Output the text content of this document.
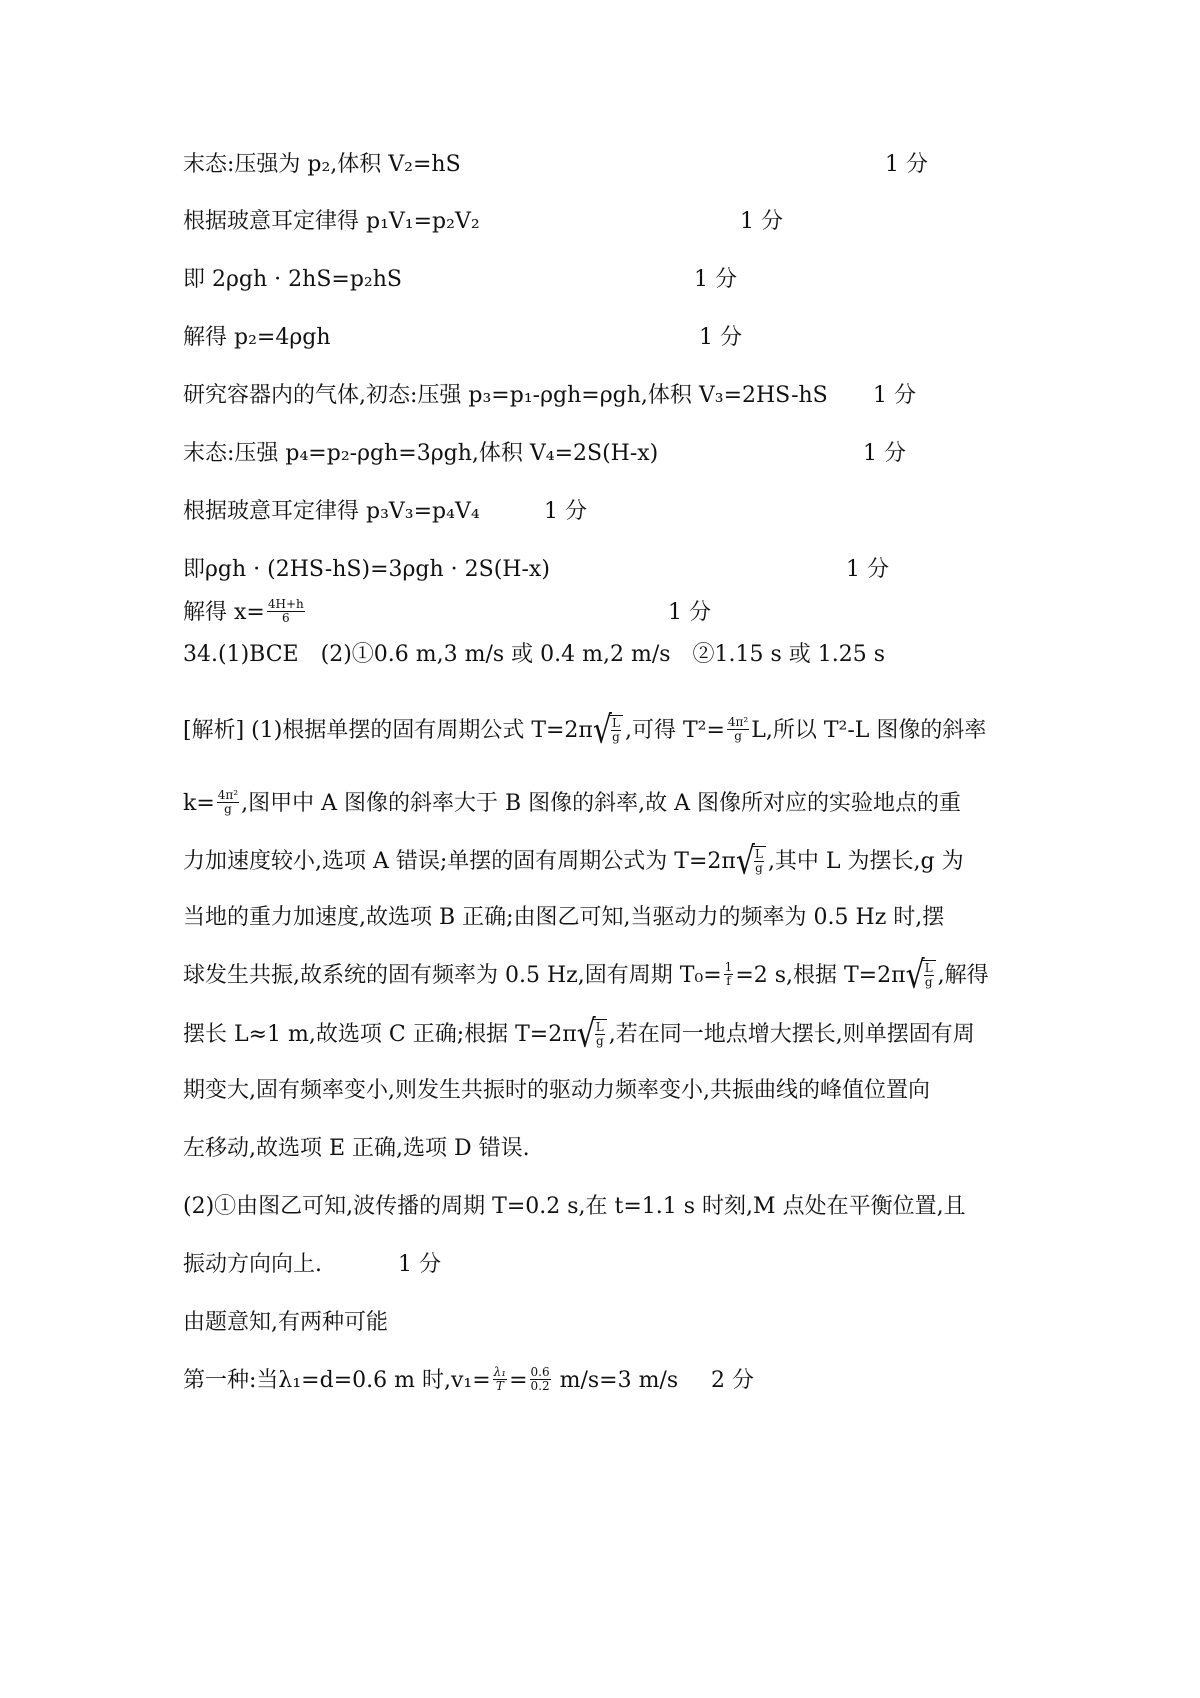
末态:压强为 p₂,体积 V₂=hS	1 分
根据玻意耳定律得 p₁V₁=p₂V₂	1 分
即 2ρgh · 2hS=p₂hS	1 分
解得 p₂=4ρgh	1 分
研究容器内的气体,初态:压强 p₃=p₁-ρgh=ρgh,体积 V₃=2HS-hS 1 分
末态:压强 p₄=p₂-ρgh=3ρgh,体积 V₄=2S(H-x)	1 分
根据玻意耳定律得 p₃V₃=p₄V₄	1 分
即ρgh · (2HS-hS)=3ρgh · 2S(H-x)	1 分
解得 $x= \frac{4H+h}{6}$	1 分
34.(1)BCE　(2)①0.6 m,3 m/s 或 0.4 m,2 m/s　②1.15 s 或 1.25 s
[解析] (1)根据单摆的固有周期公式 $T=2\pi√ \frac{L}{g}$ ,可得 $T^2= \frac{\text{4π²}}{g} L$,所以 T²-L 图像的斜率
$k= \frac{\text{4π²}}{g}$ ,图甲中 A 图像的斜率大于 B 图像的斜率,故 A 图像所对应的实验地点的重
力加速度较小,选项 A 错误;单摆的固有周期公式为 $T=2\pi√ \frac{L}{g}$ ,其中 L 为摆长,g 为
当地的重力加速度,故选项 B 正确;由图乙可知,当驱动力的频率为 0.5 Hz 时,摆
球发生共振,故系统的固有频率为 0.5 Hz,固有周期 $T_0= \frac{1}{f} =2$ s,根据 $T=2\pi√ \frac{L}{g}$ ,解得
摆长 L≈1 m,故选项 C 正确;根据 $T=2\pi√ \frac{L}{g}$ ,若在同一地点增大摆长,则单摆固有周
期变大,固有频率变小,则发生共振时的驱动力频率变小,共振曲线的峰值位置向
左移动,故选项 E 正确,选项 D 错误.
(2)①由图乙可知,波传播的周期 T=0.2 s,在 t=1.1 s 时刻,M 点处在平衡位置,且
振动方向向上.	1 分
由题意知,有两种可能
第一种:当λ₁=d=0.6 m 时$,v_1= \frac{\text{λ₁}}{T} = \frac{0.6}{0.2} m/s=3$ m/s 2 分
